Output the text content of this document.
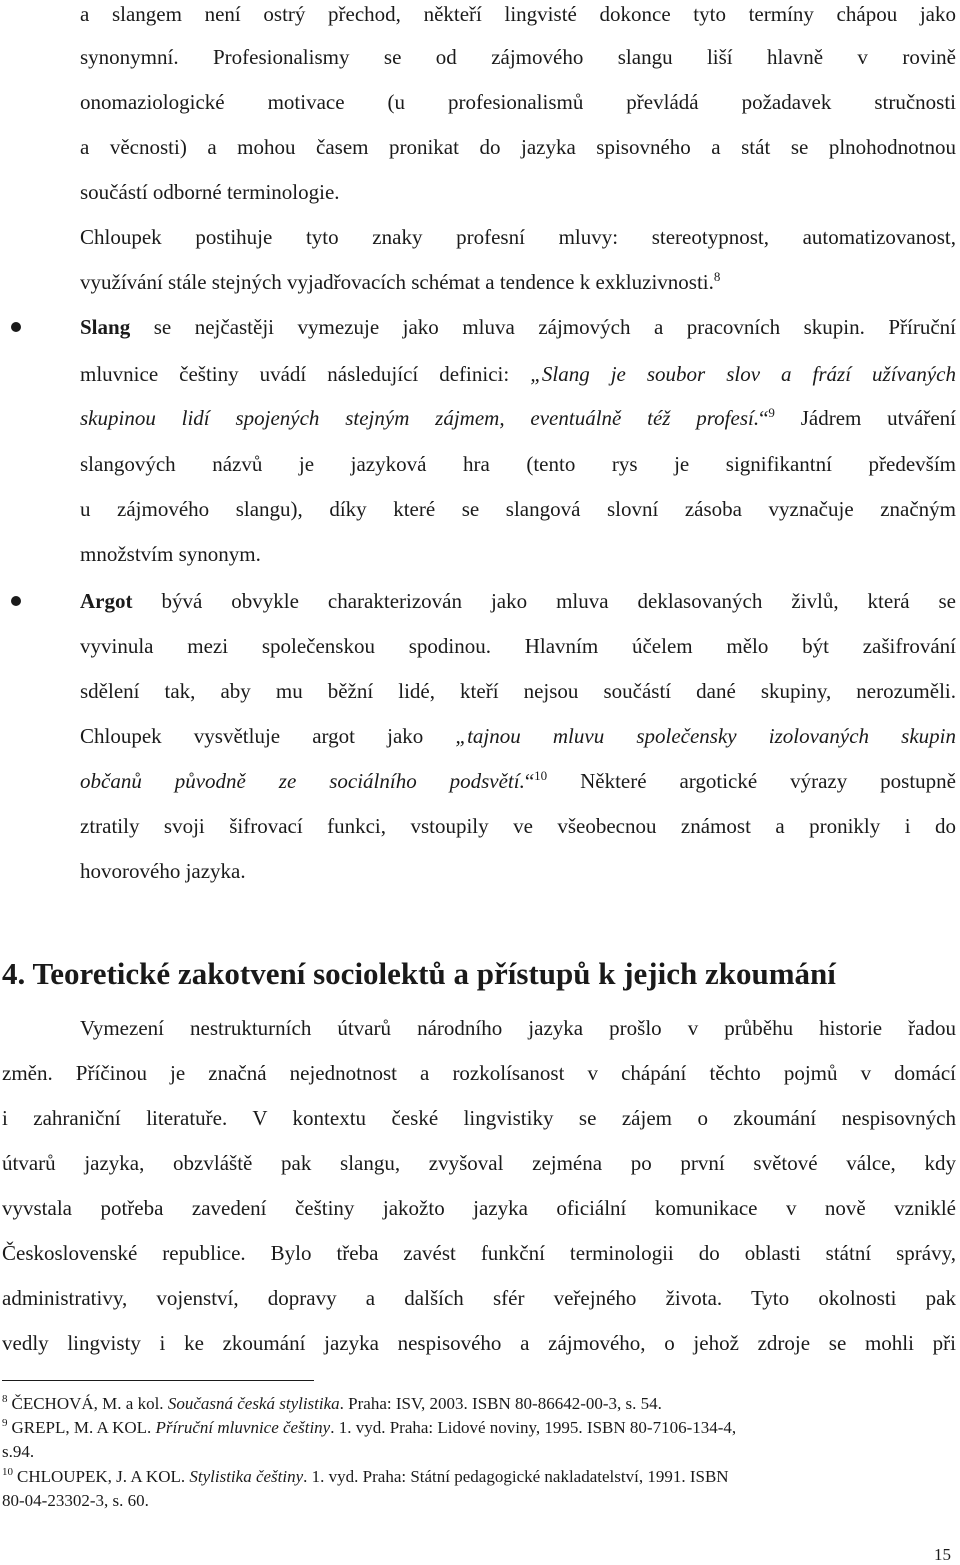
a slangem není ostrý přechod, někteří lingvisté dokonce tyto termíny chápou jako
synonymní. Profesionalismy se od zájmového slangu liší hlavně v rovině
onomaziologické motivace (u profesionalismů převládá požadavek stručnosti
a věcnosti) a mohou časem pronikat do jazyka spisovného a stát se plnohodnotnou
součástí odborné terminologie.
Chloupek postihuje tyto znaky profesní mluvy: stereotypnost, automatizovanost,
využívání stále stejných vyjadřovacích schémat a tendence k exkluzivnosti.$^8$
Slang se nejčastěji vymezuje jako mluva zájmových a pracovních skupin. Příruční
mluvnice češtiny uvádí následující definici: „Slang je soubor slov a frází užívaných
skupinou lidí spojených stejným zájmem, eventuálně též profesí.“$^9$ Jádrem utváření
slangových názvů je jazyková hra (tento rys je signifikantní především
u zájmového slangu), díky které se slangová slovní zásoba vyznačuje značným
množstvím synonym.
Argot bývá obvykle charakterizován jako mluva deklasovaných živlů, která se
vyvinula mezi společenskou spodinou. Hlavním účelem mělo být zašifrování
sdělení tak, aby mu běžní lidé, kteří nejsou součástí dané skupiny, nerozuměli.
Chloupek vysvětluje argot jako „tajnou mluvu společensky izolovaných skupin
občanů původně ze sociálního podsvětí.“$^{10}$ Některé argotické výrazy postupně
ztratily svoji šifrovací funkci, vstoupily ve všeobecnou známost a pronikly i do
hovorového jazyka.
4. Teoretické zakotvení sociolektů a přístupů k jejich zkoumání
Vymezení nestrukturních útvarů národního jazyka prošlo v průběhu historie řadou
změn. Příčinou je značná nejednotnost a rozkolísanost v chápání těchto pojmů v domácí
i zahraniční literatuře. V kontextu české lingvistiky se zájem o zkoumání nespisovných
útvarů jazyka, obzvláště pak slangu, zvyšoval zejména po první světové válce, kdy
vyvstala potřeba zavedení češtiny jakožto jazyka oficiální komunikace v nově vzniklé
Československé republice. Bylo třeba zavést funkční terminologii do oblasti státní správy,
administrativy, vojenství, dopravy a dalších sfér veřejného života. Tyto okolnosti pak
vedly lingvisty i ke zkoumání jazyka nespisového a zájmového, o jehož zdroje se mohli při
$^8$ ČECHOVÁ, M. a kol. Současná česká stylistika. Praha: ISV, 2003. ISBN 80-86642-00-3, s. 54.
$^9$ GREPL, M. A KOL. Příruční mluvnice češtiny. 1. vyd. Praha: Lidové noviny, 1995. ISBN 80-7106-134-4,
s.94.
$^{10}$ CHLOUPEK, J. A KOL. Stylistika češtiny. 1. vyd. Praha: Státní pedagogické nakladatelství, 1991. ISBN
80-04-23302-3, s. 60.
15
